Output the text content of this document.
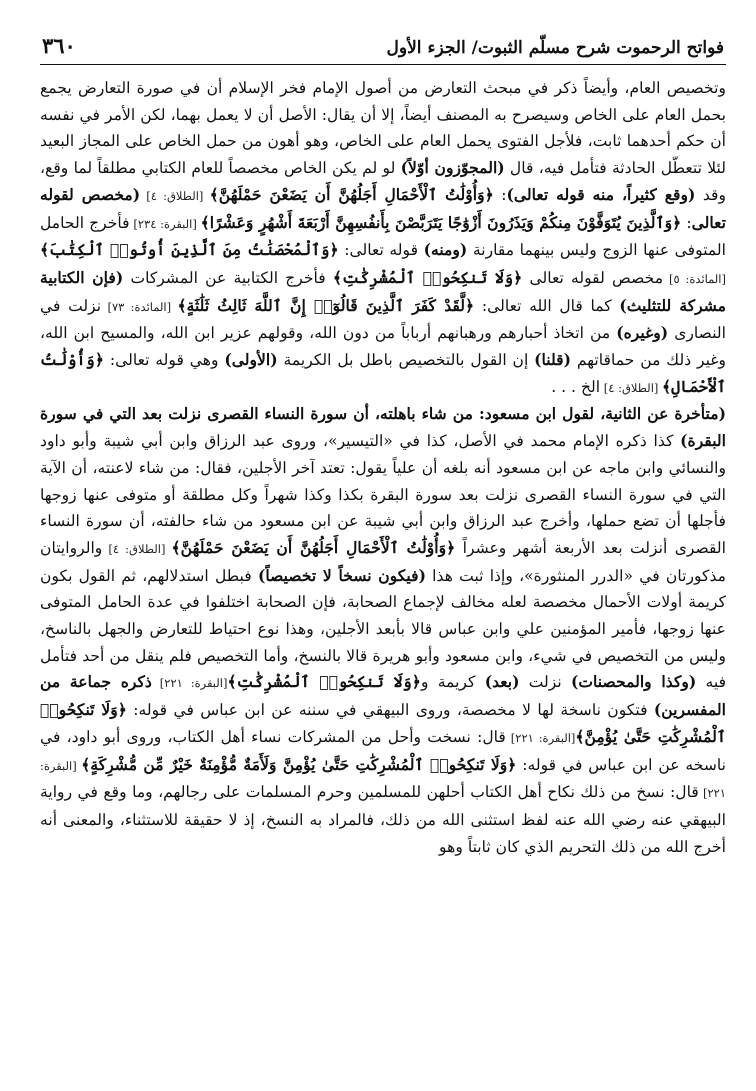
فواتح الرحموت شرح مسلّم الثبوت/ الجزء الأول
٣٦٠

وتخصيص العام، وأيضاً ذكر في مبحث التعارض من أصول الإمام فخر الإسلام أن في صورة التعارض يجمع بحمل العام على الخاص وسيصرح به المصنف أيضاً، إلا أن يقال: الأصل أن لا يعمل بهما، لكن الأمر في نفسه أن حكم أحدهما ثابت، فلأجل الفتوى يحمل العام على الخاص، وهو أهون من حمل الخاص على المجاز البعيد لئلا تتعطّل الحادثة فتأمل فيه، قال (المجوّزون أوّلاً) لو لم يكن الخاص مخصصاً للعام الكتابي مطلقاً لما وقع، وقد (وقع كثيراً، منه قوله تعالى): ﴿وَأُوْلَٰتُ ٱلْأَحْمَالِ أَجَلُهُنَّ أَن يَضَعْنَ حَمْلَهُنَّ﴾ [الطلاق: ٤] (مخصص لقوله تعالى: ﴿وَٱلَّذِينَ يُتَوَفَّوْنَ مِنكُمْ وَيَذَرُونَ أَزْوَٰجًا يَتَرَبَّصْنَ بِأَنفُسِهِنَّ أَرْبَعَةَ أَشْهُرٍ وَعَشْرًا﴾ [البقرة: ٢٣٤] فأخرج الحامل المتوفى عنها الزوج وليس بينهما مقارنة (ومنه) قوله تعالى: ﴿وَٱلْمُحْصَنَٰتُ مِنَ ٱلَّذِينَ أُوتُوا۟ ٱلْكِتَٰبَ﴾ [المائدة: ٥] مخصص لقوله تعالى ﴿وَلَا تَنكِحُوا۟ ٱلْمُشْرِكَٰتِ﴾ فأخرج الكتابية عن المشركات (فإن الكتابية مشركة للتثليث) كما قال الله تعالى: ﴿لَّقَدْ كَفَرَ ٱلَّذِينَ قَالُوٓا۟ إِنَّ ٱللَّهَ ثَالِثُ ثَلَٰثَةٍ﴾ [المائدة: ٧٣] نزلت في النصارى (وغيره) من اتخاذ أحبارهم ورهبانهم أرباباً من دون الله، وقولهم عزير ابن الله، والمسيح ابن الله، وغير ذلك من حماقاتهم (قلنا) إن القول بالتخصيص باطل بل الكريمة (الأولى) وهي قوله تعالى: ﴿وَأُوْلَٰتُ ٱلْأَحْمَالِ﴾ [الطلاق: ٤] الخ . . .

(متأخرة عن الثانية، لقول ابن مسعود: من شاء باهلته، أن سورة النساء القصرى نزلت بعد التي في سورة البقرة) كذا ذكره الإمام محمد في الأصل، كذا في «التيسير»، وروى عبد الرزاق وابن أبي شيبة وأبو داود والنسائي وابن ماجه عن ابن مسعود أنه بلغه أن علياً يقول: تعتد آخر الأجلين، فقال: من شاء لاعنته، أن الآية التي في سورة النساء القصرى نزلت بعد سورة البقرة بكذا وكذا شهراً وكل مطلقة أو متوفى عنها زوجها فأجلها أن تضع حملها، وأخرج عبد الرزاق وابن أبي شيبة عن ابن مسعود من شاء حالفته، أن سورة النساء القصرى أنزلت بعد الأربعة أشهر وعشراً ﴿وَأُوْلَٰتُ ٱلْأَحْمَالِ أَجَلُهُنَّ أَن يَضَعْنَ حَمْلَهُنَّ﴾ [الطلاق: ٤] والروايتان مذكورتان في «الدرر المنثورة»، وإذا ثبت هذا (فيكون نسخاً لا تخصيصاً) فبطل استدلالهم، ثم القول بكون كريمة أولات الأحمال مخصصة لعله مخالف لإجماع الصحابة، فإن الصحابة اختلفوا في عدة الحامل المتوفى عنها زوجها، فأمير المؤمنين علي وابن عباس قالا بأبعد الأجلين، وهذا نوع احتياط للتعارض والجهل بالناسخ، وليس من التخصيص في شيء، وابن مسعود وأبو هريرة قالا بالنسخ، وأما التخصيص فلم ينقل من أحد فتأمل فيه (وكذا والمحصنات) نزلت (بعد) كريمة و﴿وَلَا تَنكِحُوا۟ ٱلْمُشْرِكَٰتِ﴾[البقرة: ٢٢١] ذكره جماعة من المفسرين) فتكون ناسخة لها لا مخصصة، وروى البيهقي في سننه عن ابن عباس في قوله: ﴿وَلَا تَنكِحُوا۟ ٱلْمُشْرِكَٰتِ حَتَّىٰ يُؤْمِنَّ﴾[البقرة: ٢٢١] قال: نسخت وأحل من المشركات نساء أهل الكتاب، وروى أبو داود، في ناسخه عن ابن عباس في قوله: ﴿وَلَا تَنكِحُوا۟ ٱلْمُشْرِكَٰتِ حَتَّىٰ يُؤْمِنَّ وَلَأَمَةٌ مُّؤْمِنَةٌ خَيْرٌ مِّن مُّشْرِكَةٍ﴾ [البقرة: ٢٢١] قال: نسخ من ذلك نكاح أهل الكتاب أحلهن للمسلمين وحرم المسلمات على رجالهم، وما وقع في رواية البيهقي عنه رضي الله عنه لفظ استثنى الله من ذلك، فالمراد به النسخ، إذ لا حقيقة للاستثناء، والمعنى أنه أخرج الله من ذلك التحريم الذي كان ثابتاً وهو
